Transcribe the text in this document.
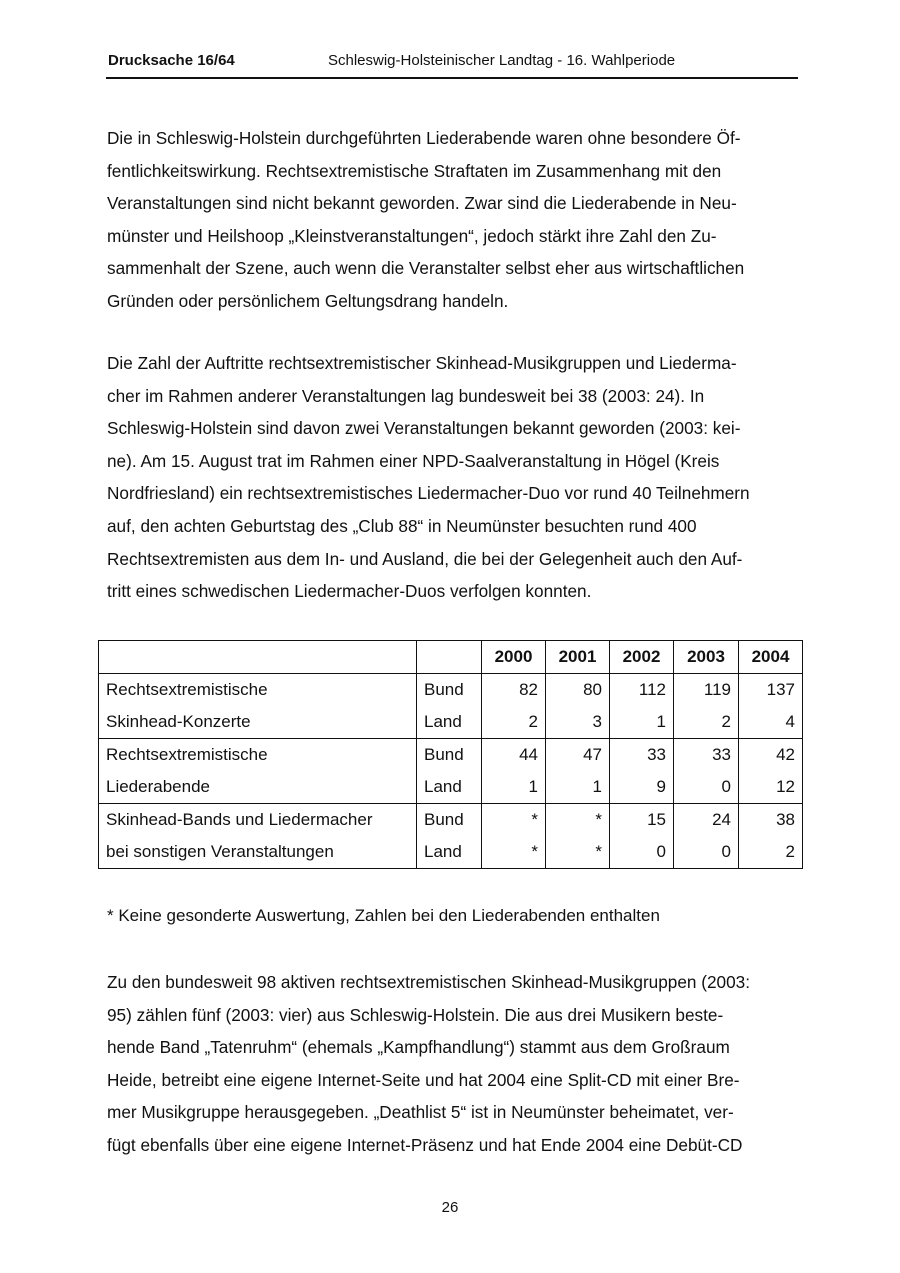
Drucksache 16/64	Schleswig-Holsteinischer Landtag - 16. Wahlperiode

Die in Schleswig-Holstein durchgeführten Liederabende waren ohne besondere Öf-
fentlichkeitswirkung. Rechtsextremistische Straftaten im Zusammenhang mit den
Veranstaltungen sind nicht bekannt geworden. Zwar sind die Liederabende in Neu-
münster und Heilshoop „Kleinstveranstaltungen“, jedoch stärkt ihre Zahl den Zu-
sammenhalt der Szene, auch wenn die Veranstalter selbst eher aus wirtschaftlichen
Gründen oder persönlichem Geltungsdrang handeln.

Die Zahl der Auftritte rechtsextremistischer Skinhead-Musikgruppen und Liederma-
cher im Rahmen anderer Veranstaltungen lag bundesweit bei 38 (2003: 24). In
Schleswig-Holstein sind davon zwei Veranstaltungen bekannt geworden (2003: kei-
ne). Am 15. August trat im Rahmen einer NPD-Saalveranstaltung in Högel (Kreis
Nordfriesland) ein rechtsextremistisches Liedermacher-Duo vor rund 40 Teilnehmern
auf, den achten Geburtstag des „Club 88“ in Neumünster besuchten rund 400
Rechtsextremisten aus dem In- und Ausland, die bei der Gelegenheit auch den Auf-
tritt eines schwedischen Liedermacher-Duos verfolgen konnten.

		2000	2001	2002	2003	2004
Rechtsextremistische	Bund	82	80	112	119	137
Skinhead-Konzerte	Land	2	3	1	2	4
Rechtsextremistische	Bund	44	47	33	33	42
Liederabende	Land	1	1	9	0	12
Skinhead-Bands und Liedermacher	Bund	*	*	15	24	38
bei sonstigen Veranstaltungen	Land	*	*	0	0	2
* Keine gesonderte Auswertung, Zahlen bei den Liederabenden enthalten

Zu den bundesweit 98 aktiven rechtsextremistischen Skinhead-Musikgruppen (2003:
95) zählen fünf (2003: vier) aus Schleswig-Holstein. Die aus drei Musikern beste-
hende Band „Tatenruhm“ (ehemals „Kampfhandlung“) stammt aus dem Großraum
Heide, betreibt eine eigene Internet-Seite und hat 2004 eine Split-CD mit einer Bre-
mer Musikgruppe herausgegeben. „Deathlist 5“ ist in Neumünster beheimatet, ver-
fügt ebenfalls über eine eigene Internet-Präsenz und hat Ende 2004 eine Debüt-CD

26
